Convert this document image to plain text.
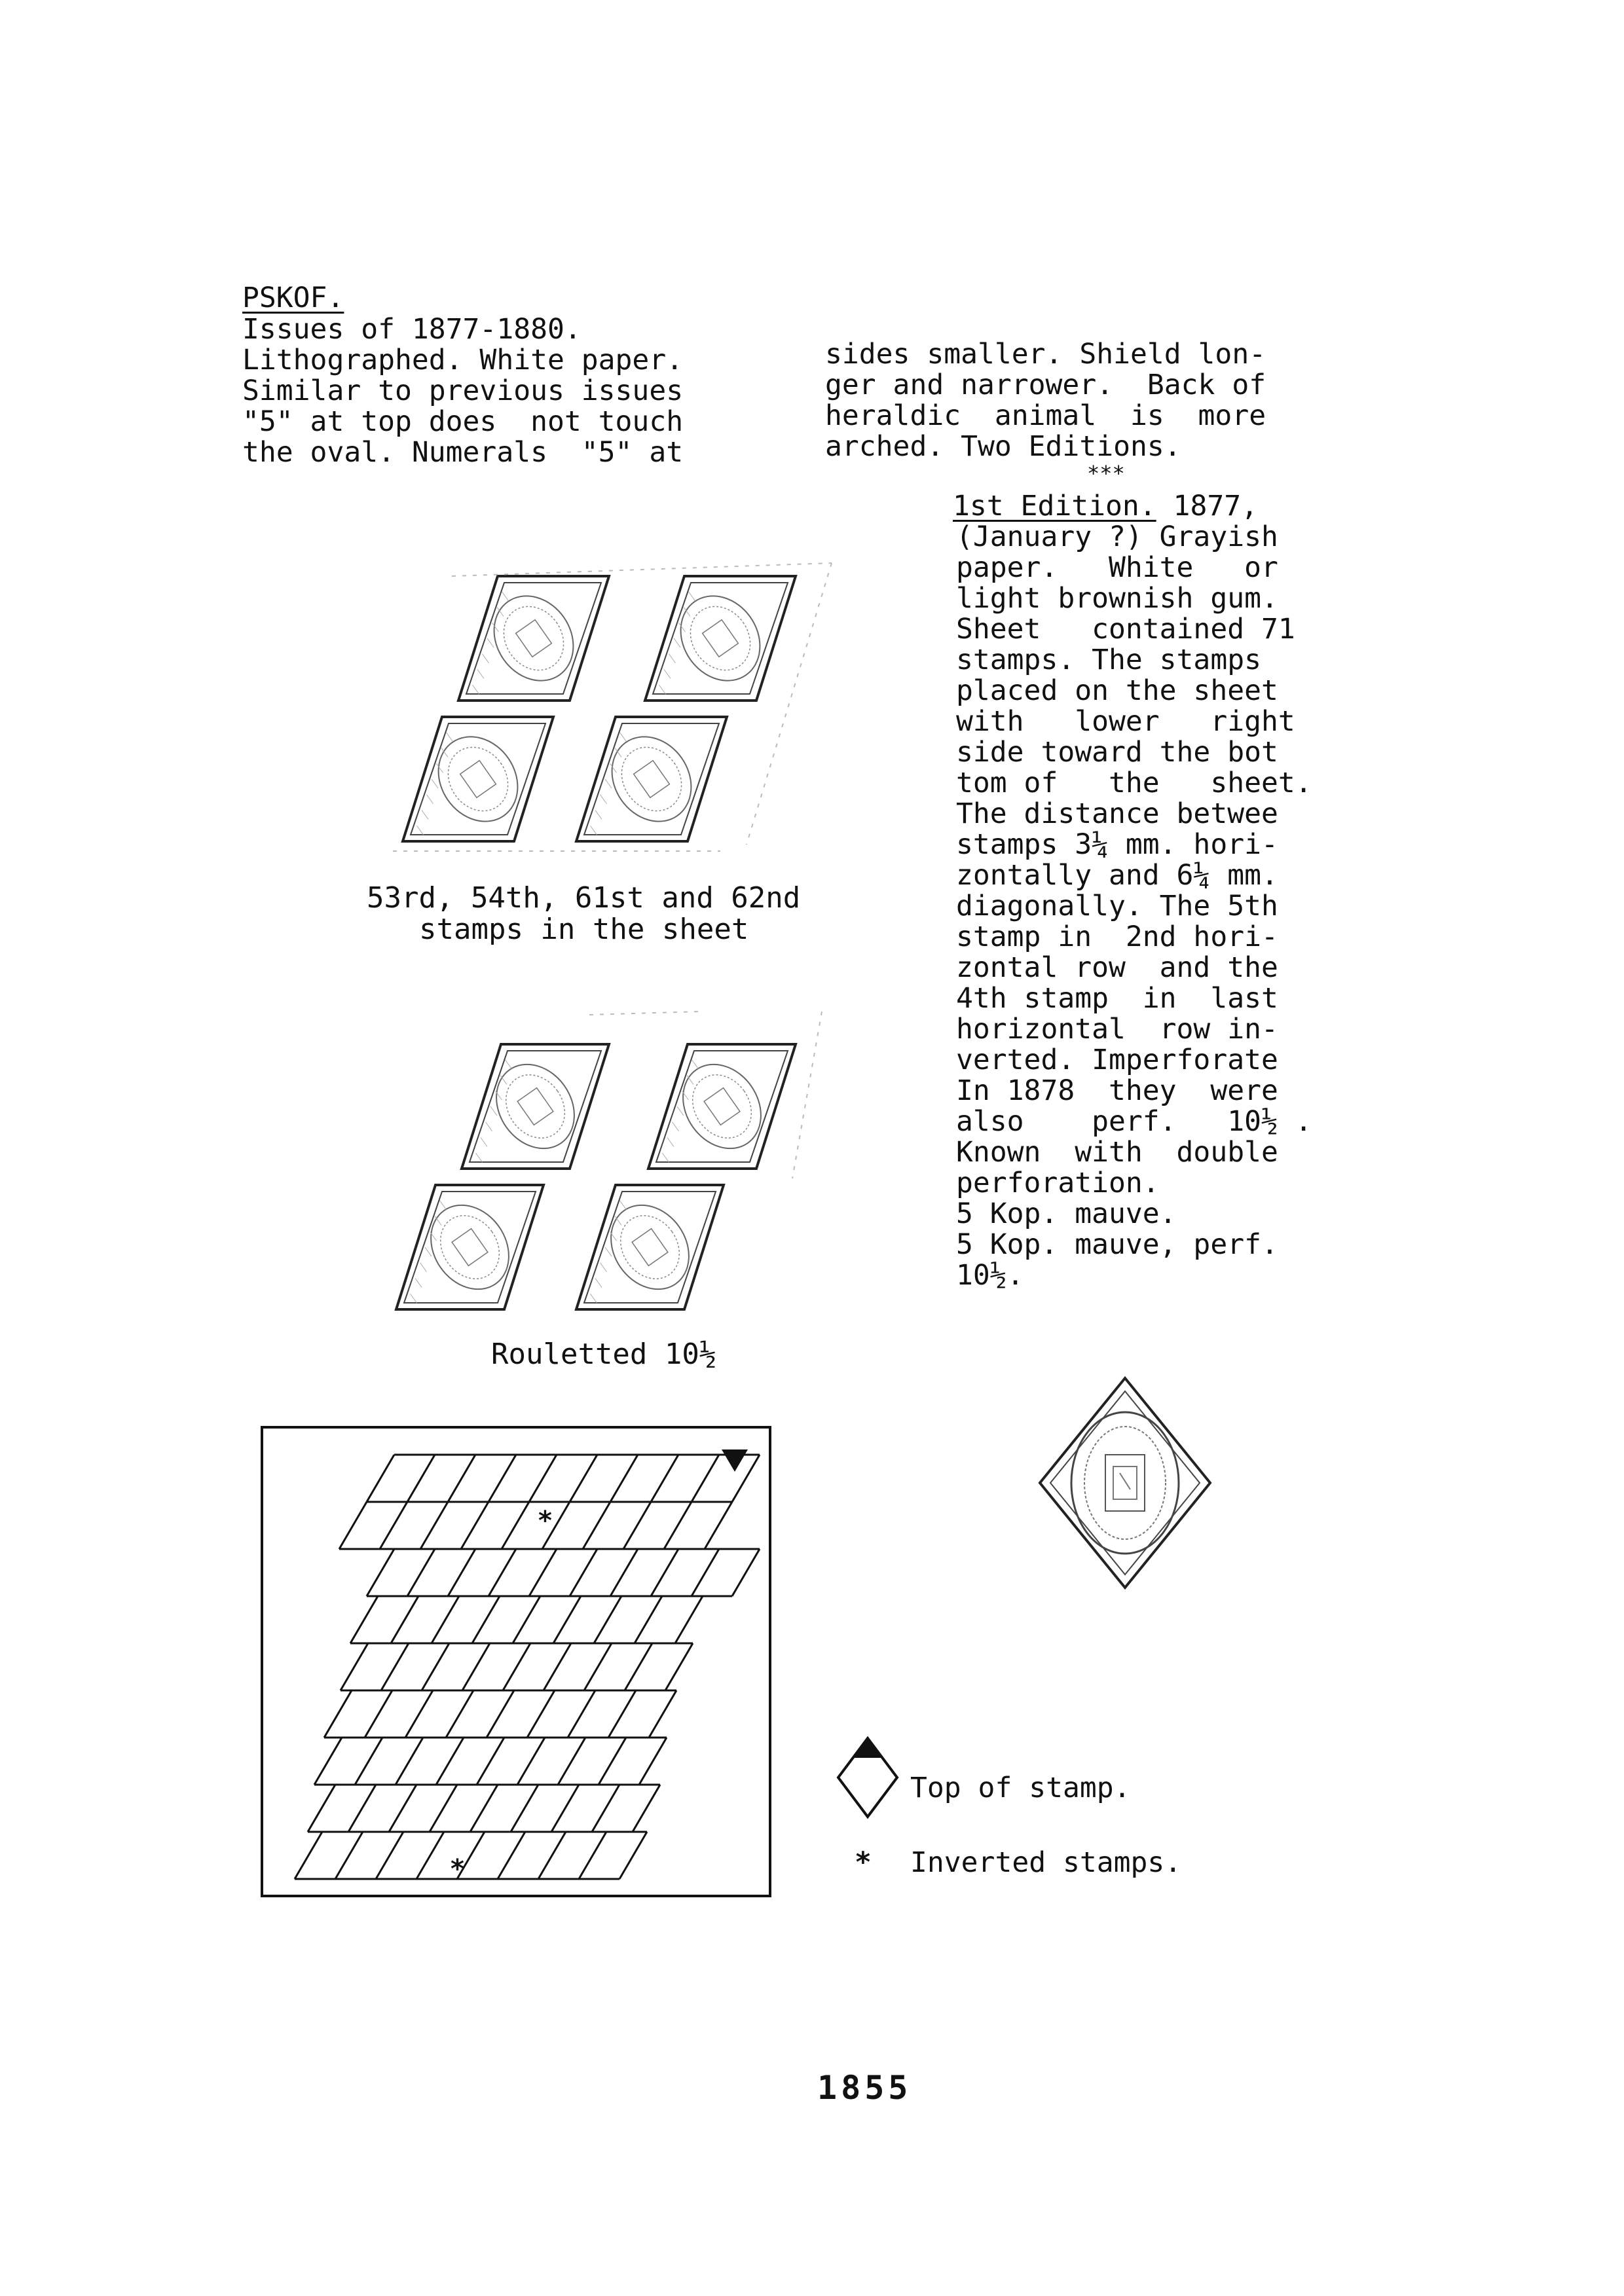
PSKOF.
Issues of 1877-1880.
Lithographed. White paper.
Similar to previous issues
"5" at top does  not touch
the oval. Numerals  "5" at
sides smaller. Shield lon-
ger and narrower.  Back of
heraldic  animal  is  more
arched. Two Editions.
***
1st Edition. 1877,
(January ?) Grayish
paper.   White   or
light brownish gum.
Sheet   contained 71
stamps. The stamps
placed on the sheet
with   lower   right
side toward the bot
tom of   the   sheet.
The distance betwee
stamps 3¼ mm. hori-
zontally and 6¼ mm.
diagonally. The 5th
stamp in  2nd hori-
zontal row  and the
4th stamp  in  last
horizontal  row in-
verted. Imperforate
In 1878  they  were
also    perf.   10½ .
Known  with  double
perforation.
5 Kop. mauve.
5 Kop. mauve, perf.
10½.
53rd, 54th, 61st and 62nd
stamps in the sheet
Rouletted 10½
*
*
Top of stamp.
* Inverted stamps.
1855
